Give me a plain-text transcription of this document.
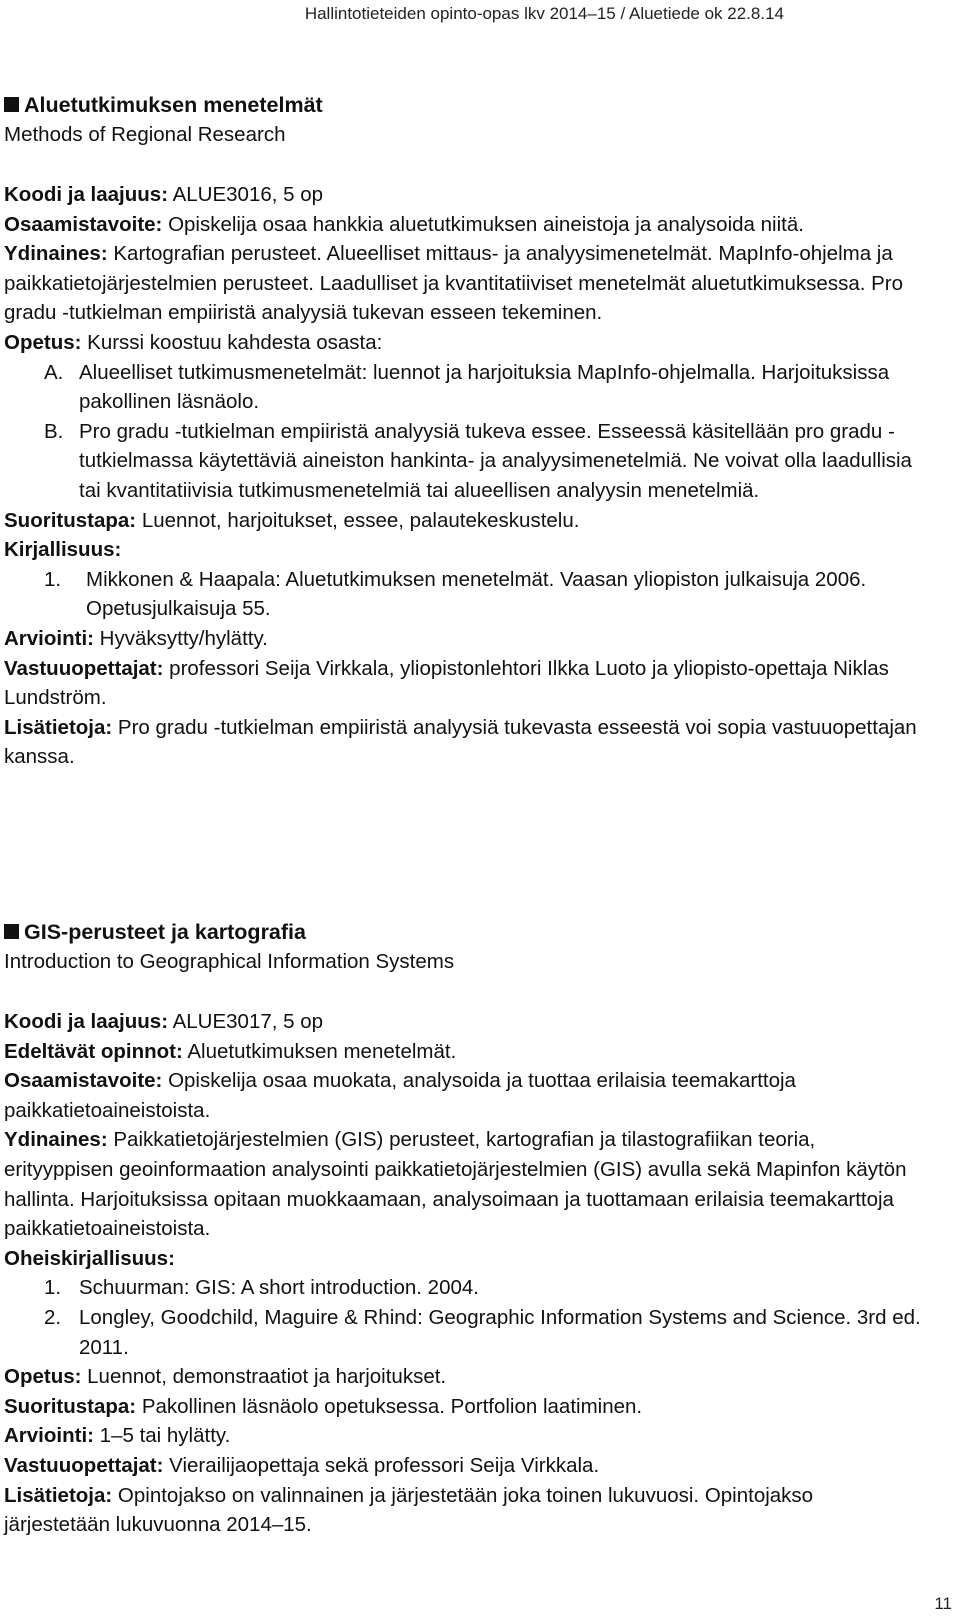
Hallintotieteiden opinto-opas lkv 2014–15 / Aluetiede ok 22.8.14
Aluetutkimuksen menetelmät
Methods of Regional Research
Koodi ja laajuus: ALUE3016, 5 op
Osaamistavoite: Opiskelija osaa hankkia aluetutkimuksen aineistoja ja analysoida niitä.
Ydinaines: Kartografian perusteet. Alueelliset mittaus- ja analyysimenetelmät. MapInfo-ohjelma ja paikkatietojärjestelmien perusteet. Laadulliset ja kvantitatiiviset menetelmät aluetutkimuksessa. Pro gradu -tutkielman empiiristä analyysiä tukevan esseen tekeminen.
Opetus: Kurssi koostuu kahdesta osasta:
A. Alueelliset tutkimusmenetelmät: luennot ja harjoituksia MapInfo-ohjelmalla. Harjoituksissa pakollinen läsnäolo.
B. Pro gradu -tutkielman empiiristä analyysiä tukeva essee. Esseessä käsitellään pro gradu -tutkielmassa käytettäviä aineiston hankinta- ja analyysimenetelmiä. Ne voivat olla laadullisia tai kvantitatiivisia tutkimusmenetelmiä tai alueellisen analyysin menetelmiä.
Suoritustapa: Luennot, harjoitukset, essee, palautekeskustelu.
Kirjallisuus:
1.	Mikkonen & Haapala: Aluetutkimuksen menetelmät. Vaasan yliopiston julkaisuja 2006. Opetusjulkaisuja 55.
Arviointi: Hyväksytty/hylätty.
Vastuuopettajat: professori Seija Virkkala, yliopistonlehtori Ilkka Luoto ja yliopisto-opettaja Niklas Lundström.
Lisätietoja: Pro gradu -tutkielman empiiristä analyysiä tukevasta esseestä voi sopia vastuuopettajan kanssa.
GIS-perusteet ja kartografia
Introduction to Geographical Information Systems
Koodi ja laajuus: ALUE3017, 5 op
Edeltävät opinnot: Aluetutkimuksen menetelmät.
Osaamistavoite: Opiskelija osaa muokata, analysoida ja tuottaa erilaisia teemakarttoja paikkatietoaineistoista.
Ydinaines: Paikkatietojärjestelmien (GIS) perusteet, kartografian ja tilastografiikan teoria, erityyppisen geoinformaation analysointi paikkatietojärjestelmien (GIS) avulla sekä Mapinfon käytön hallinta. Harjoituksissa opitaan muokkaamaan, analysoimaan ja tuottamaan erilaisia teemakarttoja paikkatietoaineistoista.
Oheiskirjallisuus:
1. Schuurman: GIS: A short introduction. 2004.
2. Longley, Goodchild, Maguire & Rhind: Geographic Information Systems and Science. 3rd ed. 2011.
Opetus: Luennot, demonstraatiot ja harjoitukset.
Suoritustapa: Pakollinen läsnäolo opetuksessa. Portfolion laatiminen.
Arviointi: 1–5 tai hylätty.
Vastuuopettajat: Vierailijaopettaja sekä professori Seija Virkkala.
Lisätietoja: Opintojakso on valinnainen ja järjestetään joka toinen lukuvuosi. Opintojakso järjestetään lukuvuonna 2014–15.
11
